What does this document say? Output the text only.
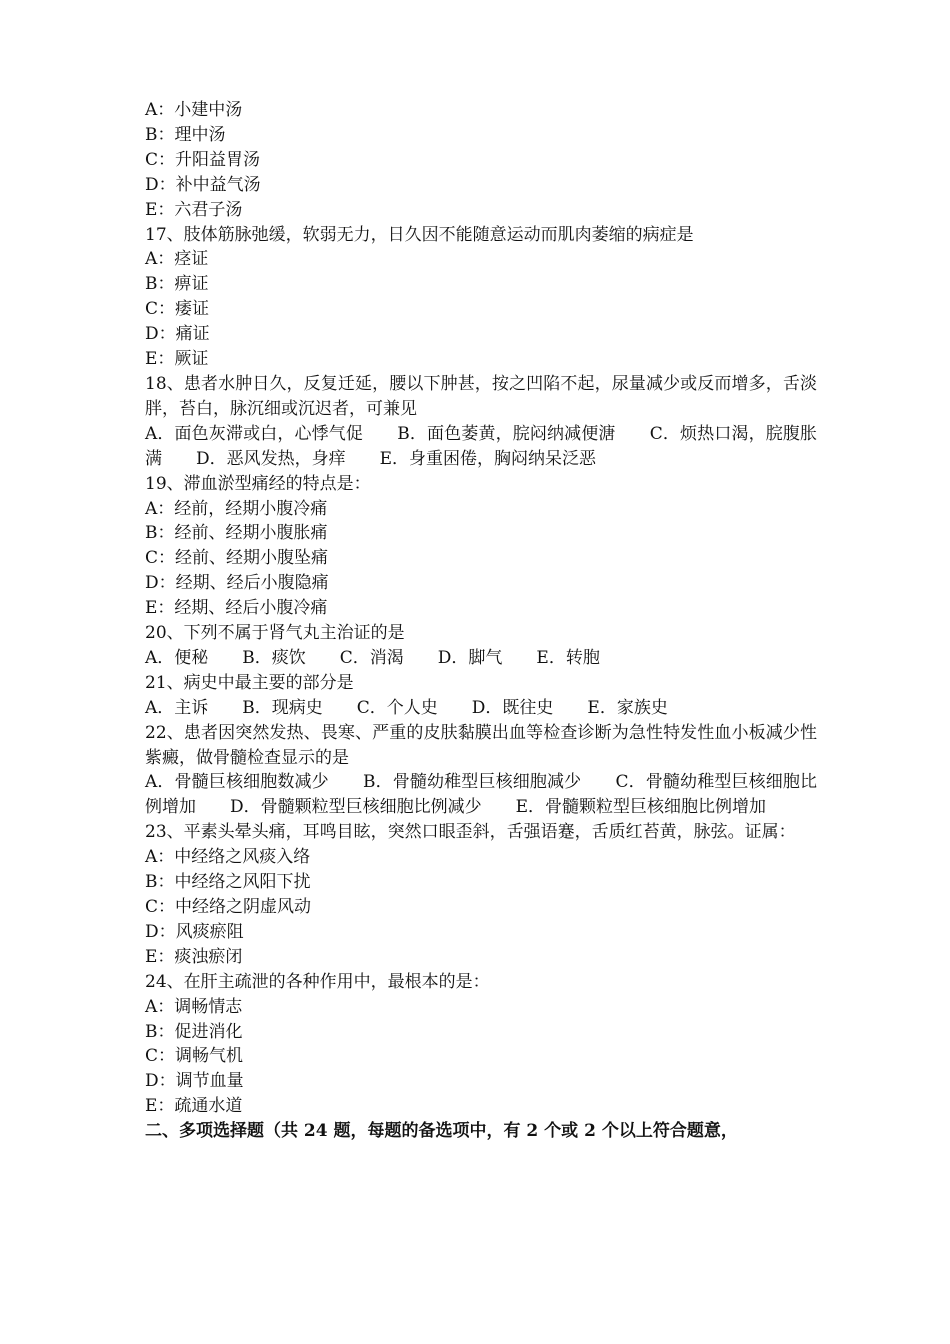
A：小建中汤

B：理中汤

C：升阳益胃汤

D：补中益气汤

E：六君子汤

17、肢体筋脉弛缓，软弱无力，日久因不能随意运动而肌肉萎缩的病症是

A：痉证

B：痹证

C：痿证

D：痛证

E：厥证

18、患者水肿日久，反复迁延，腰以下肿甚，按之凹陷不起，尿量减少或反而增多，舌淡胖，苔白，脉沉细或沉迟者，可兼见

A．面色灰滞或白，心悸气促　　B．面色萎黄，脘闷纳减便溏　　C．烦热口渴，脘腹胀满　　D．恶风发热，身痒　　E．身重困倦，胸闷纳呆泛恶

19、滞血淤型痛经的特点是：

A：经前，经期小腹冷痛

B：经前、经期小腹胀痛

C：经前、经期小腹坠痛

D：经期、经后小腹隐痛

E：经期、经后小腹冷痛

20、下列不属于肾气丸主治证的是

A．便秘　　B．痰饮　　C．消渴　　D．脚气　　E．转胞

21、病史中最主要的部分是

A．主诉　　B．现病史　　C．个人史　　D．既往史　　E．家族史

22、患者因突然发热、畏寒、严重的皮肤黏膜出血等检查诊断为急性特发性血小板减少性紫癜，做骨髓检查显示的是

A．骨髓巨核细胞数减少　　B．骨髓幼稚型巨核细胞减少　　C．骨髓幼稚型巨核细胞比例增加　　D．骨髓颗粒型巨核细胞比例减少　　E．骨髓颗粒型巨核细胞比例增加

23、平素头晕头痛，耳鸣目眩，突然口眼歪斜，舌强语蹇，舌质红苔黄，脉弦。证属：

A：中经络之风痰入络

B：中经络之风阳下扰

C：中经络之阴虚风动

D：风痰瘀阻

E：痰浊瘀闭

24、在肝主疏泄的各种作用中，最根本的是：

A：调畅情志

B：促进消化

C：调畅气机

D：调节血量

E：疏通水道

二、多项选择题（共 24 题，每题的备选项中，有 2 个或 2 个以上符合题意，
